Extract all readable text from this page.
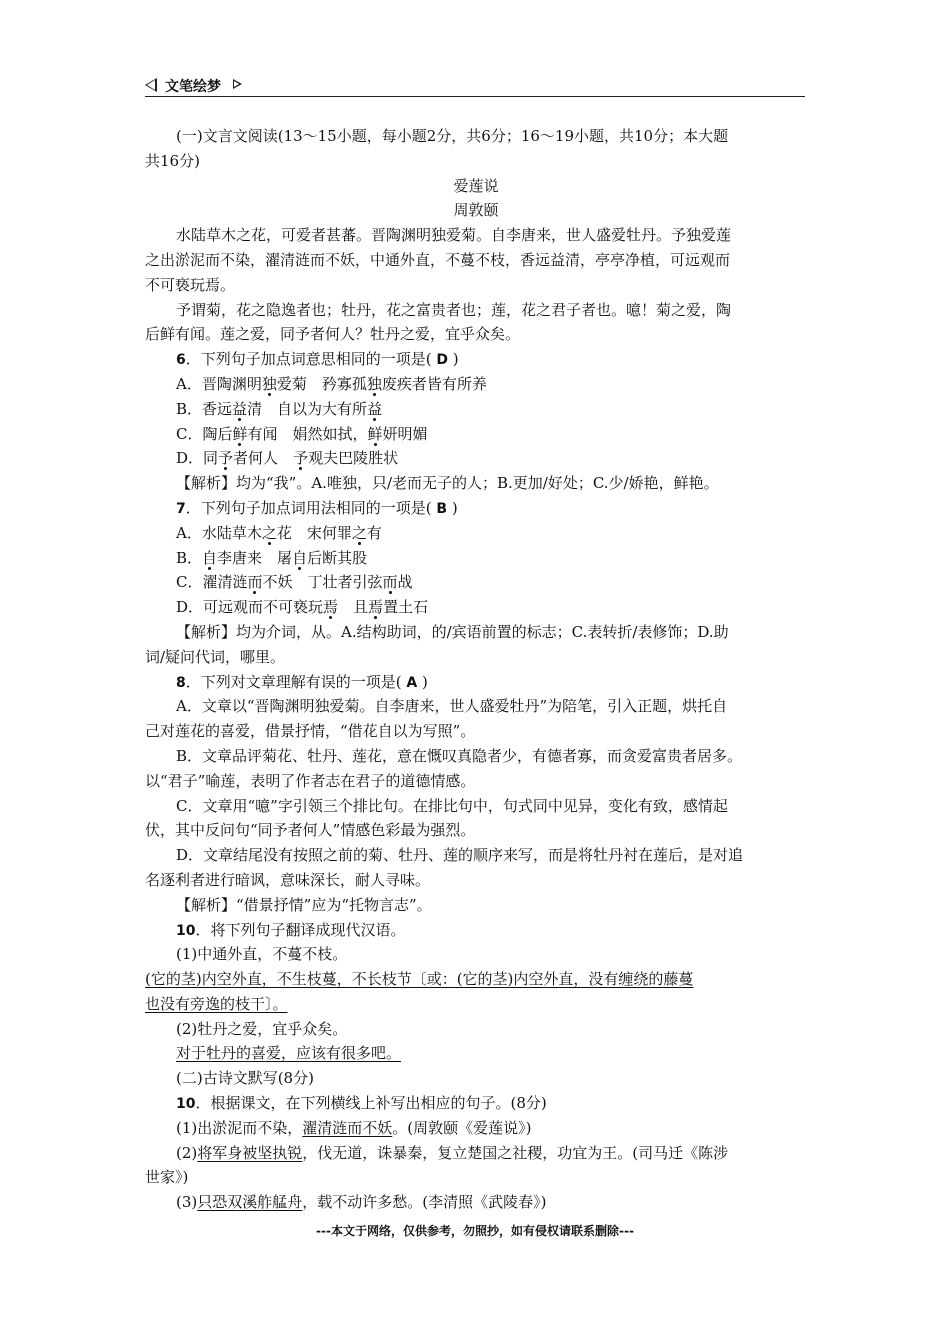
文笔绘梦
(一)文言文阅读(13～15小题，每小题2分，共6分；16～19小题，共10分；本大题
共16分)
爱莲说
周敦颐
水陆草木之花，可爱者甚蕃。晋陶渊明独爱菊。自李唐来，世人盛爱牡丹。予独爱莲
之出淤泥而不染，濯清涟而不妖，中通外直，不蔓不枝，香远益清，亭亭净植，可远观而
不可亵玩焉。
予谓菊，花之隐逸者也；牡丹，花之富贵者也；莲，花之君子者也。噫！菊之爱，陶
后鲜有闻。莲之爱，同予者何人？牡丹之爱，宜乎众矣。
6．下列句子加点词意思相同的一项是( D )
A．晋陶渊明独爱菊　矜寡孤独废疾者皆有所养
B．香远益清　自以为大有所益
C．陶后鲜有闻　娟然如拭，鲜妍明媚
D．同予者何人　予观夫巴陵胜状
【解析】均为“我”。A.唯独，只/老而无子的人；B.更加/好处；C.少/娇艳，鲜艳。
7．下列句子加点词用法相同的一项是( B )
A．水陆草木之花　宋何罪之有
B．自李唐来　屠自后断其股
C．濯清涟而不妖　丁壮者引弦而战
D．可远观而不可亵玩焉　且焉置土石
【解析】均为介词，从。A.结构助词，的/宾语前置的标志；C.表转折/表修饰；D.助
词/疑问代词，哪里。
8．下列对文章理解有误的一项是( A )
A．文章以“晋陶渊明独爱菊。自李唐来，世人盛爱牡丹”为陪笔，引入正题，烘托自
己对莲花的喜爱，借景抒情，“借花自以为写照”。
B．文章品评菊花、牡丹、莲花，意在慨叹真隐者少，有德者寡，而贪爱富贵者居多。
以“君子”喻莲，表明了作者志在君子的道德情感。
C．文章用“噫”字引领三个排比句。在排比句中，句式同中见异，变化有致，感情起
伏，其中反问句“同予者何人”情感色彩最为强烈。
D．文章结尾没有按照之前的菊、牡丹、莲的顺序来写，而是将牡丹衬在莲后，是对追
名逐利者进行暗讽，意味深长，耐人寻味。
【解析】“借景抒情”应为“托物言志”。
10．将下列句子翻译成现代汉语。
(1)中通外直，不蔓不枝。
(它的茎)内空外直，不生枝蔓，不长枝节〔或：(它的茎)内空外直，没有缠绕的藤蔓
也没有旁逸的枝干〕。
(2)牡丹之爱，宜乎众矣。
对于牡丹的喜爱，应该有很多吧。
(二)古诗文默写(8分)
10．根据课文，在下列横线上补写出相应的句子。(8分)
(1)出淤泥而不染，濯清涟而不妖。(周敦颐《爱莲说》)
(2)将军身被坚执锐，伐无道，诛暴秦，复立楚国之社稷，功宜为王。(司马迁《陈涉
世家》)
(3)只恐双溪舴艋舟，载不动许多愁。(李清照《武陵春》)
---本文于网络，仅供参考，勿照抄，如有侵权请联系删除---
